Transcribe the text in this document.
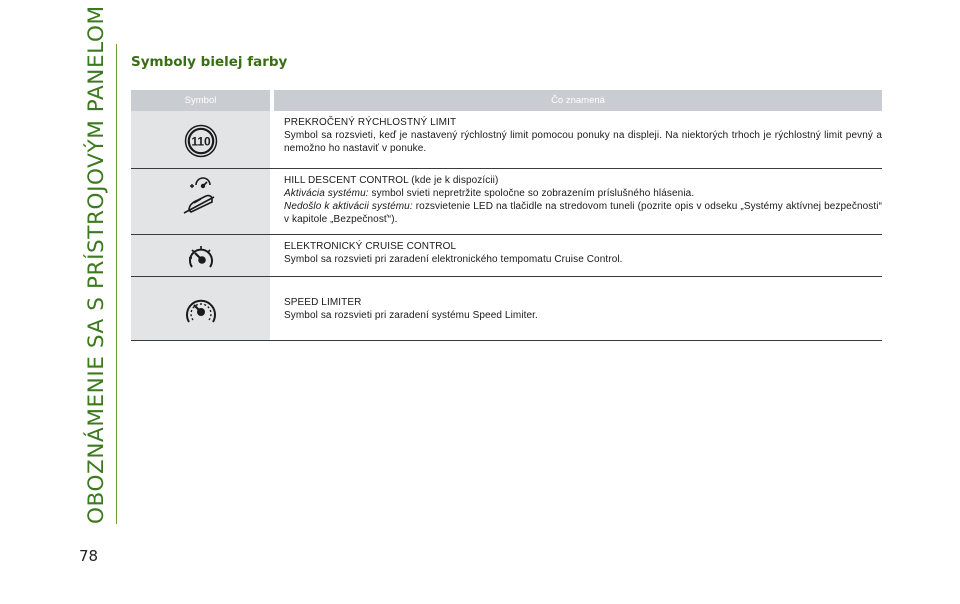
OBOZNÁMENIE SA S PRÍSTROJOVÝM PANELOM
78
Symboly bielej farby
Symbol	Čo znamená
110
PREKROČENÝ RÝCHLOSTNÝ LIMIT
Symbol sa rozsvieti, keď je nastavený rýchlostný limit pomocou ponuky na displeji. Na niektorých trhoch je rýchlostný limit pevný a nemožno ho nastaviť v ponuke.
HILL DESCENT CONTROL (kde je k dispozícii)
Aktivácia systému: symbol svieti nepretržite spoločne so zobrazením príslušného hlásenia.
Nedošlo k aktivácii systému: rozsvietenie LED na tlačidle na stredovom tuneli (pozrite opis v odseku „Systémy aktívnej bezpečnosti“ v kapitole „Bezpečnosť“).
ELEKTRONICKÝ CRUISE CONTROL
Symbol sa rozsvieti pri zaradení elektronického tempomatu Cruise Control.
SPEED LIMITER
Symbol sa rozsvieti pri zaradení systému Speed Limiter.
